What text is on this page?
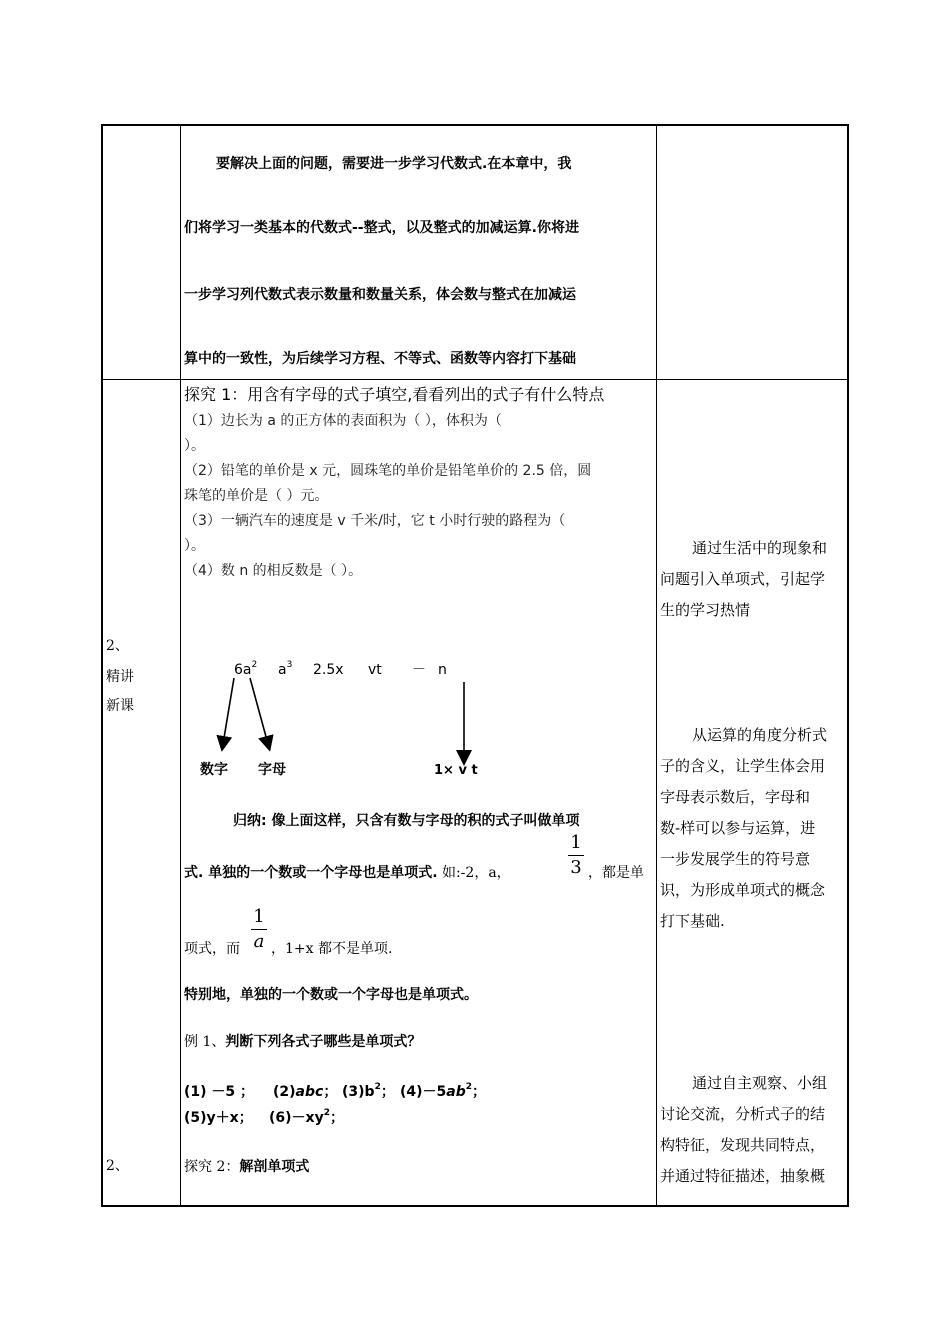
要解决上面的问题，需要进一步学习代数式.在本章中，我
们将学习一类基本的代数式--整式，以及整式的加减运算.你将进
一步学习列代数式表示数量和数量关系，体会数与整式在加减运
算中的一致性，为后续学习方程、不等式、函数等内容打下基础
2、
精讲
新课
2、
探究 1：用含有字母的式子填空,看看列出的式子有什么特点
（1）边长为 a 的正方体的表面积为（ ），体积为（
）。
（2）铅笔的单价是 x 元，圆珠笔的单价是铅笔单价的 2.5 倍，圆
珠笔的单价是（ ）元。
（3）一辆汽车的速度是 v 千米/时，它 t 小时行驶的路程为（
）。
（4）数 n 的相反数是（ ）。
$6a^2$ $a^3$ 2.5x vt － n
数字 字母	1× v t
归纳: 像上面这样，只含有数与字母的积的式子叫做单项
式. 单独的一个数或一个字母也是单项式. 如:-2，a，
1
3 ，都是单
项式，而
1
a ，1+x 都不是单项.
特别地，单独的一个数或一个字母也是单项式。
例 1、判断下列各式子哪些是单项式？
(1) －5 ； (2)abc； $(3)b^2$； $(4)-5ab^2$；
(5)y＋x； $(6)-xy^2$；
探究 2：解剖单项式
通过生活中的现象和
问题引入单项式，引起学
生的学习热情
从运算的角度分析式
子的含义，让学生体会用
字母表示数后，字母和
数-样可以参与运算，进
一步发展学生的符号意
识，为形成单项式的概念
打下基础.
通过自主观察、小组
讨论交流，分析式子的结
构特征，发现共同特点，
并通过特征描述，抽象概
